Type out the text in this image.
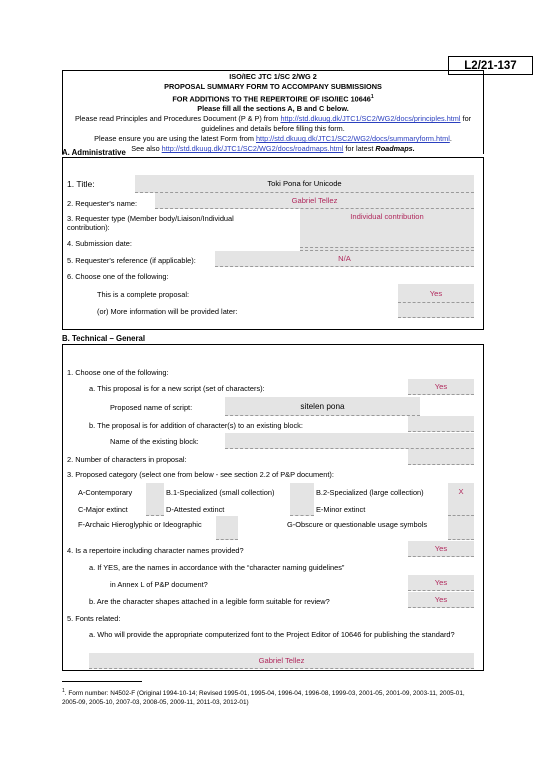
L2/21-137
ISO/IEC JTC 1/SC 2/WG 2
PROPOSAL SUMMARY FORM TO ACCOMPANY SUBMISSIONS
FOR ADDITIONS TO THE REPERTOIRE OF ISO/IEC 10646$^1$
Please fill all the sections A, B and C below.
Please read Principles and Procedures Document (P & P) from http://std.dkuug.dk/JTC1/SC2/WG2/docs/principles.html for
guidelines and details before filling this form.
Please ensure you are using the latest Form from http://std.dkuug.dk/JTC1/SC2/WG2/docs/summaryform.html.
See also http://std.dkuug.dk/JTC1/SC2/WG2/docs/roadmaps.html for latest Roadmaps.
A. Administrative
1. Title:	Toki Pona for Unicode
2. Requester's name:	Gabriel Tellez
3. Requester type (Member body/Liaison/Individual contribution):
Individual contribution
4. Submission date:
5. Requester's reference (if applicable):	N/A
6. Choose one of the following:
This is a complete proposal:	Yes
(or) More information will be provided later:
B. Technical – General
1. Choose one of the following:
a. This proposal is for a new script (set of characters):	Yes
Proposed name of script:	sitelen pona
b. The proposal is for addition of character(s) to an existing block:
Name of the existing block:
2. Number of characters in proposal:
3. Proposed category (select one from below - see section 2.2 of P&P document):
A-Contemporary	B.1-Specialized (small collection)	B.2-Specialized (large collection)	X
C-Major extinct	D-Attested extinct	E-Minor extinct
F-Archaic Hieroglyphic or Ideographic	G-Obscure or questionable usage symbols
4. Is a repertoire including character names provided?	Yes
a. If YES, are the names in accordance with the “character naming guidelines”
in Annex L of P&P document?	Yes
b. Are the character shapes attached in a legible form suitable for review?	Yes
5. Fonts related:
a. Who will provide the appropriate computerized font to the Project Editor of 10646 for publishing the standard?
Gabriel Tellez
$^1$. Form number: N4502-F (Original 1994-10-14; Revised 1995-01, 1995-04, 1996-04, 1996-08, 1999-03, 2001-05, 2001-09, 2003-11, 2005-01, 2005-09, 2005-10, 2007-03, 2008-05, 2009-11, 2011-03, 2012-01)
